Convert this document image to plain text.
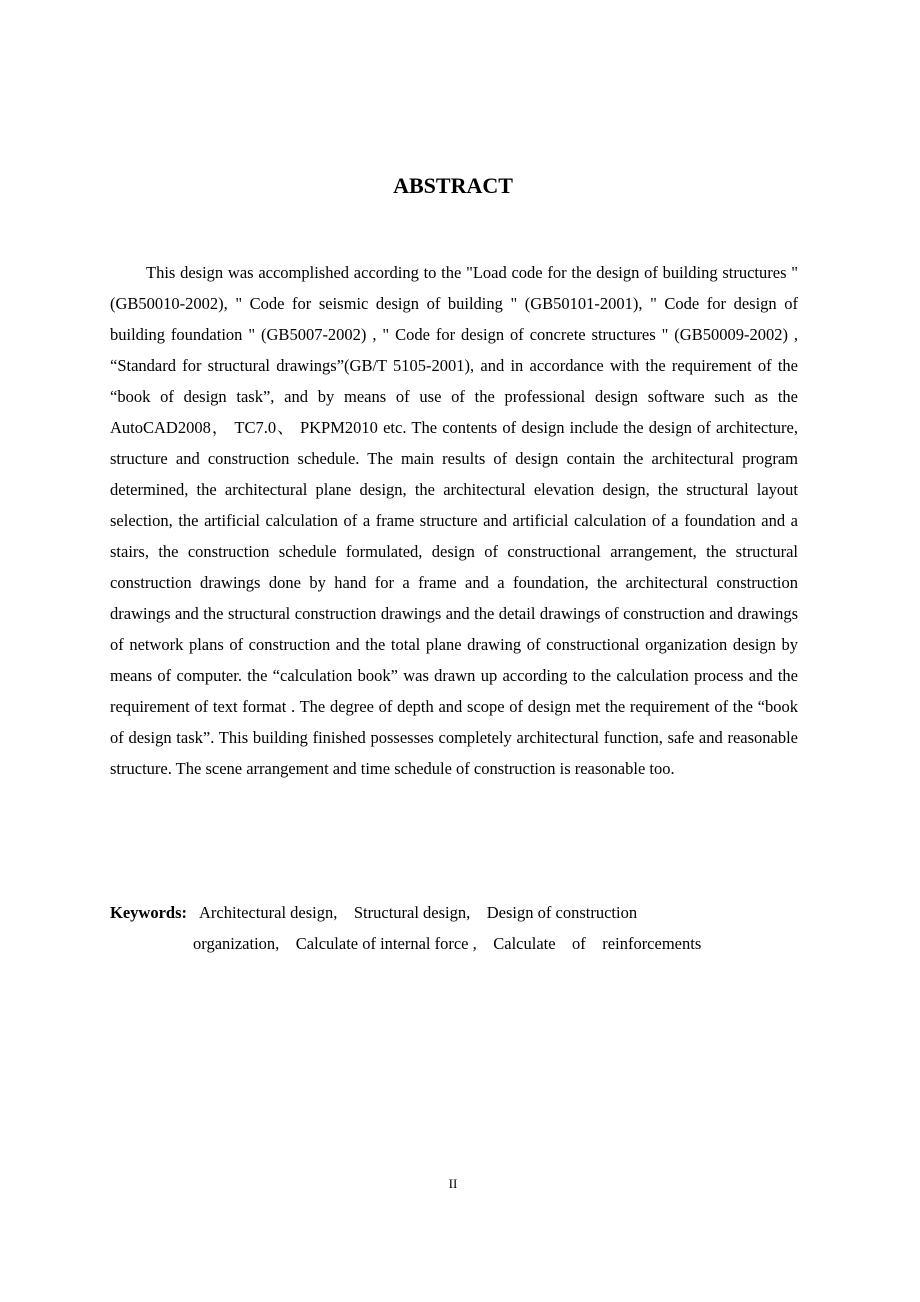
ABSTRACT

This design was accomplished according to the "Load code for the design of building structures " (GB50010-2002), " Code for seismic design of building " (GB50101-2001), " Code for design of building foundation " (GB5007-2002) , " Code for design of concrete structures " (GB50009-2002) , “Standard for structural drawings”(GB/T 5105-2001), and in accordance with the requirement of the “book of design task”, and by means of use of the professional design software such as the AutoCAD2008， TC7.0、 PKPM2010 etc. The contents of design include the design of architecture, structure and construction schedule. The main results of design contain the architectural program determined, the architectural plane design, the architectural elevation design, the structural layout selection, the artificial calculation of a frame structure and artificial calculation of a foundation and a stairs, the construction schedule formulated, design of constructional arrangement, the structural construction drawings done by hand for a frame and a foundation, the architectural construction drawings and the structural construction drawings and the detail drawings of construction and drawings of network plans of construction and the total plane drawing of constructional organization design by means of computer. the “calculation book” was drawn up according to the calculation process and the requirement of text format . The degree of depth and scope of design met the requirement of the “book of design task”. This building finished possesses completely architectural function, safe and reasonable structure. The scene arrangement and time schedule of construction is reasonable too.

Keywords: Architectural design,    Structural design,    Design of construction
organization,    Calculate of internal force ,    Calculate    of    reinforcements
II
